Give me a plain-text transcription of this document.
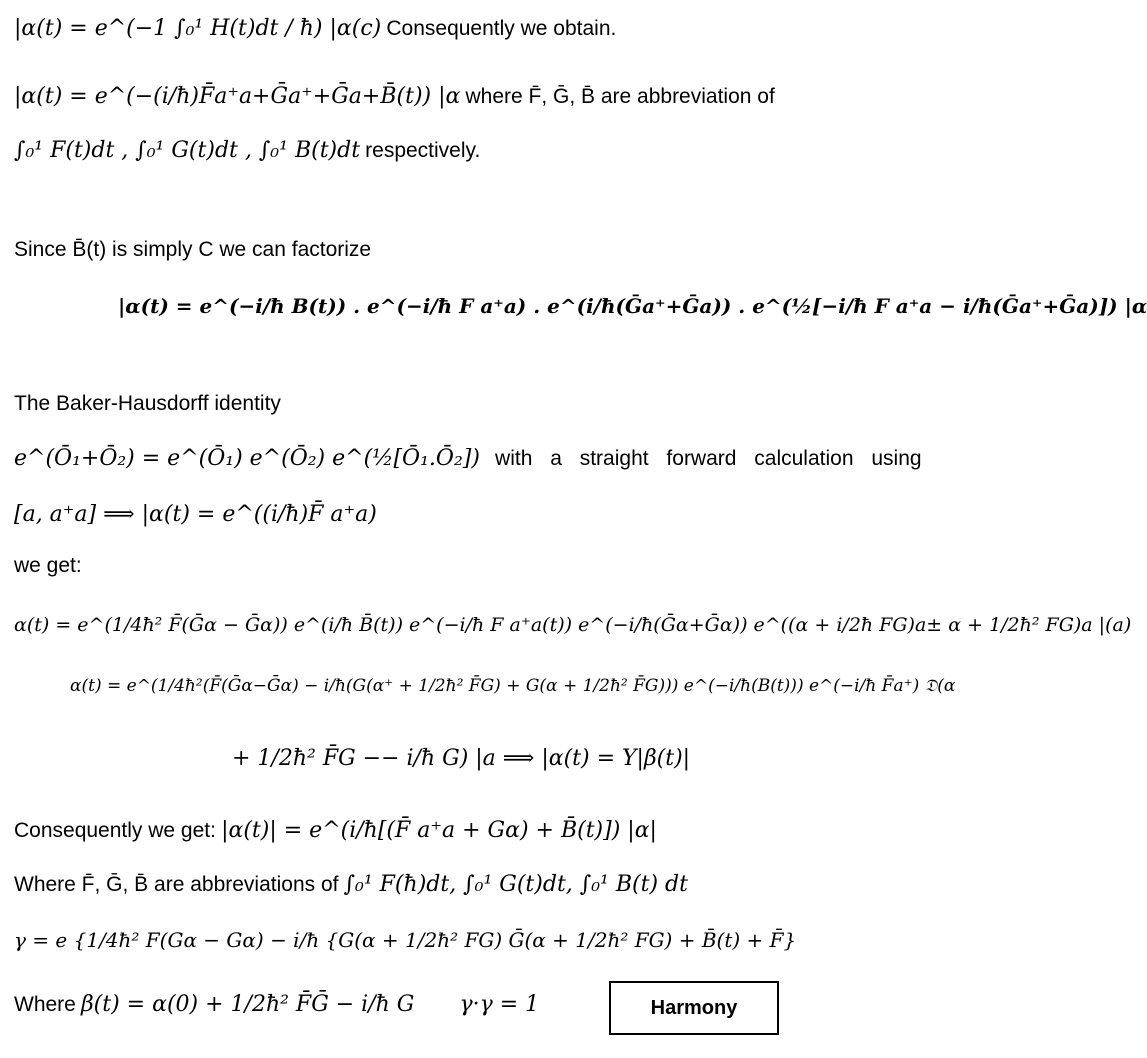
|α(t) = e^(−1 ∫₀¹ H(t)dt / ħ) |α(c) Consequently we obtain.
|α(t) = e^(−(i/ħ)F̄a⁺a+Ḡa⁺+Ḡa+B̄(t)) |α where F̄, Ḡ, B̄ are abbreviation of
∫₀¹ F(t)dt , ∫₀¹ G(t)dt , ∫₀¹ B(t)dt respectively.
Since B̄(t) is simply C we can factorize
|α(t) = e^(−i/ħ B(t)) . e^(−i/ħ F a⁺a) . e^(i/ħ(Ḡa⁺+Ḡa)) . e^(½[−i/ħ F a⁺a − i/ħ(Ḡa⁺+Ḡa)]) |α
The Baker-Hausdorff identity
e^(Ō₁+Ō₂) = e^(Ō₁) e^(Ō₂) e^(½[Ō₁.Ō₂]) with a straight forward calculation using
[a, a⁺a] ⟹ |α(t) = e^((i/ħ)F̄ a⁺a)
we get:
α(t) = e^(1/4ħ² F̄(Ḡα − Ḡα)) e^(i/ħ B̄(t)) e^(−i/ħ F a⁺a(t)) e^(−i/ħ(Ḡα+Ḡα)) e^((α + i/2ħ FG)a± α + 1/2ħ² FG)a |(a)
α(t) = e^(1/4ħ²(F̄(Ḡα−Ḡα) − i/ħ(G(α⁺ + 1/2ħ² F̄G) + G(α + 1/2ħ² F̄G))) e^(−i/ħ(B(t))) e^(−i/ħ F̄a⁺) 𝔇(α
+ 1/2ħ² F̄G −− i/ħ G) |a ⟹ |α(t) = Υ|β(t)|
Consequently we get: |α(t)| = e^(i/ħ[(F̄ a⁺a + Gα) + B̄(t)]) |α|
Where F̄, Ḡ, B̄ are abbreviations of ∫₀¹ F(ħ)dt, ∫₀¹ G(t)dt, ∫₀¹ B(t) dt
γ = e {1/4ħ² F(Gα − Gα) − i/ħ {G(α + 1/2ħ² FG) Ḡ(α + 1/2ħ² FG) + B̄(t) + F̄}
Where β(t) = α(0) + 1/2ħ² F̄Ḡ − i/ħ G γ·γ = 1	Harmony
